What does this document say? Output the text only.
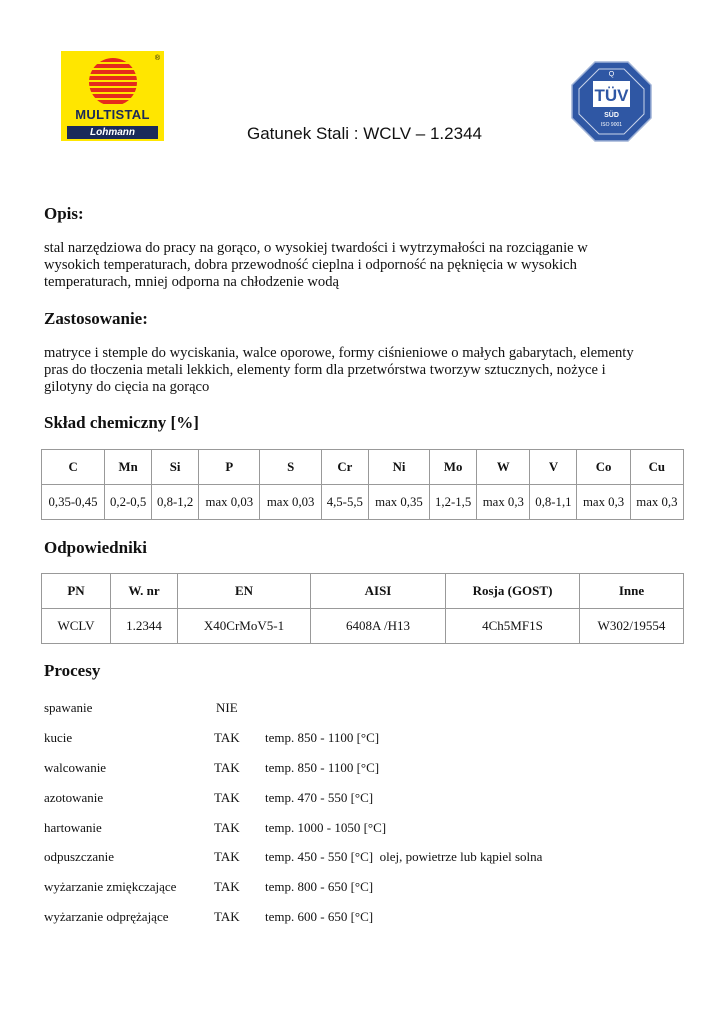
®
MULTISTAL
Lohmann
Q
TÜV
SÜD
ISO 9001
Gatunek Stali : WCLV – 1.2344
Opis:
stal narzędziowa do pracy na gorąco, o wysokiej twardości i wytrzymałości na rozciąganie w
wysokich temperaturach, dobra przewodność cieplna i odporność na pęknięcia w wysokich
temperaturach, mniej odporna na chłodzenie wodą
Zastosowanie:
matryce i stemple do wyciskania, walce oporowe, formy ciśnieniowe o małych gabarytach, elementy
pras do tłoczenia metali lekkich, elementy form dla przetwórstwa tworzyw sztucznych, nożyce i
gilotyny do cięcia na gorąco
Skład chemiczny [%]
C	Mn	Si	P	S	Cr	Ni	Mo	W	V	Co	Cu
0,35-0,45	0,2-0,5	0,8-1,2	max 0,03	max 0,03	4,5-5,5	max 0,35	1,2-1,5	max 0,3	0,8-1,1	max 0,3	max 0,3
Odpowiedniki
PN	W. nr	EN	AISI	Rosja (GOST)	Inne
WCLV	1.2344	X40CrMoV5-1	6408A /H13	4Ch5MF1S	W302/19554
Procesy
spawanie	NIE
kucie	TAK temp. 850 - 1100 [°C]
walcowanie	TAK temp. 850 - 1100 [°C]
azotowanie	TAK temp. 470 - 550 [°C]
hartowanie	TAK temp. 1000 - 1050 [°C]
odpuszczanie	TAK temp. 450 - 550 [°C]  olej, powietrze lub kąpiel solna
wyżarzanie zmiękczające	TAK temp. 800 - 650 [°C]
wyżarzanie odprężające	TAK temp. 600 - 650 [°C]
